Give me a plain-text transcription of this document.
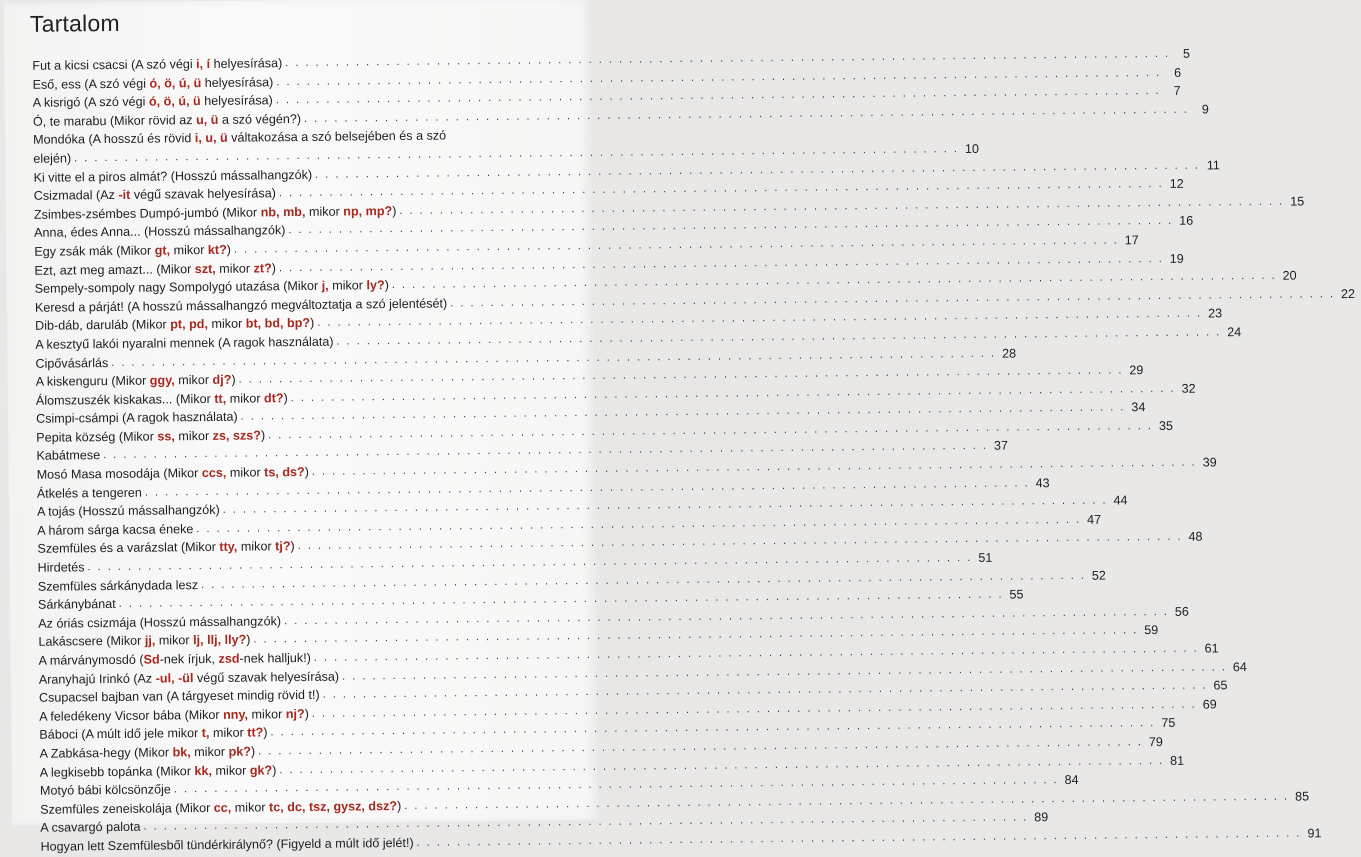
Tartalom
Fut a kicsi csacsi (A szó végi i, í helyesírása)
. . .
5
Eső, ess (A szó végi ó, ö, ú, ü helyesírása)
. . .
6
A kisrigó (A szó végi ó, ö, ú, ü helyesírása)
. . .
7
Ó, te marabu (Mikor rövid az u, ü a szó végén?)
. . .
9
Mondóka (A hosszú és rövid i, u, ü váltakozása a szó belsejében és a szó
elején)
. . .
10
Ki vitte el a piros almát? (Hosszú mássalhangzók)
. . .
11
Csizmadal (Az -it végű szavak helyesírása)
. . .
12
Zsimbes-zsémbes Dumpó-jumbó (Mikor nb, mb, mikor np, mp?)
. . .
15
Anna, édes Anna... (Hosszú mássalhangzók)
. . .
16
Egy zsák mák (Mikor gt, mikor kt?)
. . .
17
Ezt, azt meg amazt... (Mikor szt, mikor zt?)
. . .
19
Sempely-sompoly nagy Sompolygó utazása (Mikor j, mikor ly?)
. . .
20
Keresd a párját! (A hosszú mássalhangzó megváltoztatja a szó jelentését)
. . .
22
Dib-dáb, daruláb (Mikor pt, pd, mikor bt, bd, bp?)
. . .
23
A kesztyű lakói nyaralni mennek (A ragok használata)
. . .
24
Cipővásárlás
. . .
28
A kiskenguru (Mikor ggy, mikor dj?)
. . .
29
Álomszuszék kiskakas... (Mikor tt, mikor dt?)
. . .
32
Csimpi-csámpi (A ragok használata)
. . .
34
Pepita község (Mikor ss, mikor zs, szs?)
. . .
35
Kabátmese
. . .
37
Mosó Masa mosodája (Mikor ccs, mikor ts, ds?)
. . .
39
Átkelés a tengeren
. . .
43
A tojás (Hosszú mássalhangzók)
. . .
44
A három sárga kacsa éneke
. . .
47
Szemfüles és a varázslat (Mikor tty, mikor tj?)
. . .
48
Hirdetés
. . .
51
Szemfüles sárkánydada lesz
. . .
52
Sárkánybánat
. . .
55
Az óriás csizmája (Hosszú mássalhangzók)
. . .
56
Lakáscsere (Mikor jj, mikor lj, llj, lly?)
. . .
59
A márványmosdó (Sd-nek írjuk, zsd-nek halljuk!)
. . .
61
Aranyhajú Irinkó (Az -ul, -ül végű szavak helyesírása)
. . .
64
Csupacsel bajban van (A tárgyeset mindig rövid t!)
. . .
65
A feledékeny Vicsor bába (Mikor nny, mikor nj?)
. . .
69
Báboci (A múlt idő jele mikor t, mikor tt?)
. . .
75
A Zabkása-hegy (Mikor bk, mikor pk?)
. . .
79
A legkisebb topánka (Mikor kk, mikor gk?)
. . .
81
Motyó bábi kölcsönzője
. . .
84
Szemfüles zeneiskolája (Mikor cc, mikor tc, dc, tsz, gysz, dsz?)
. . .
85
A csavargó palota
. . .
89
Hogyan lett Szemfülesből tündérkirálynő? (Figyeld a múlt idő jelét!)
. . .
91
